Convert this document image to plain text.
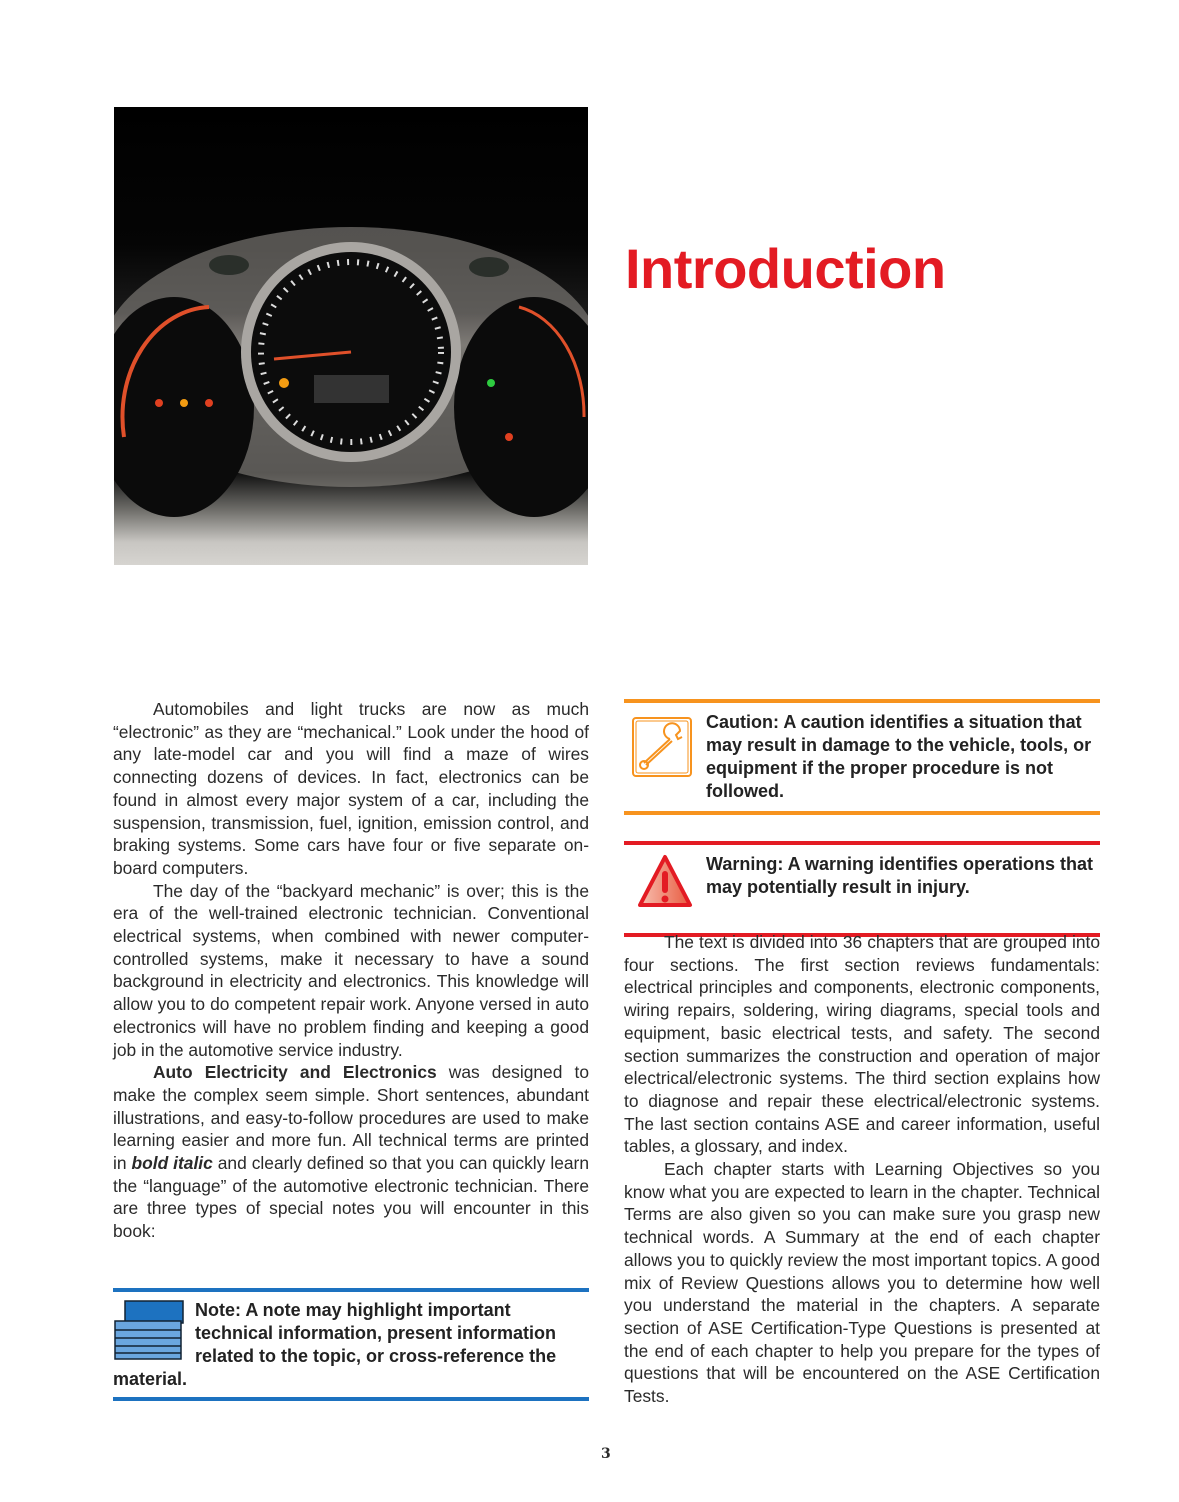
Introduction

Automobiles and light trucks are now as much “electronic” as they are “mechanical.” Look under the hood of any late-model car and you will find a maze of wires connecting dozens of devices. In fact, electronics can be found in almost every major system of a car, including the suspension, transmission, fuel, ignition, emission control, and braking systems. Some cars have four or five separate on-board computers.

The day of the “backyard mechanic” is over; this is the era of the well-trained electronic technician. Conventional electrical systems, when combined with newer computer-controlled systems, make it necessary to have a sound background in electricity and electronics. This knowledge will allow you to do competent repair work. Anyone versed in auto electronics will have no problem finding and keeping a good job in the automotive service industry.

Auto Electricity and Electronics was designed to make the complex seem simple. Short sentences, abundant illustrations, and easy-to-follow procedures are used to make learning easier and more fun. All technical terms are printed in bold italic and clearly defined so that you can quickly learn the “language” of the automotive electronic technician. There are three types of special notes you will encounter in this book:

Note: A note may highlight important technical information, present information related to the topic, or cross-reference the material.
Caution: A caution identifies a situation that may result in damage to the vehicle, tools, or equipment if the proper procedure is not followed.
Warning: A warning identifies operations that may potentially result in injury.

The text is divided into 36 chapters that are grouped into four sections. The first section reviews fundamentals: electrical principles and components, electronic components, wiring repairs, soldering, wiring diagrams, special tools and equipment, basic electrical tests, and safety. The second section summarizes the construction and operation of major electrical/electronic systems. The third section explains how to diagnose and repair these electrical/electronic systems. The last section contains ASE and career information, useful tables, a glossary, and index.

Each chapter starts with Learning Objectives so you know what you are expected to learn in the chapter. Technical Terms are also given so you can make sure you grasp new technical words. A Summary at the end of each chapter allows you to quickly review the most important topics. A good mix of Review Questions allows you to determine how well you understand the material in the chapters. A separate section of ASE Certification-Type Questions is presented at the end of each chapter to help you prepare for the types of questions that will be encountered on the ASE Certification Tests.

3
